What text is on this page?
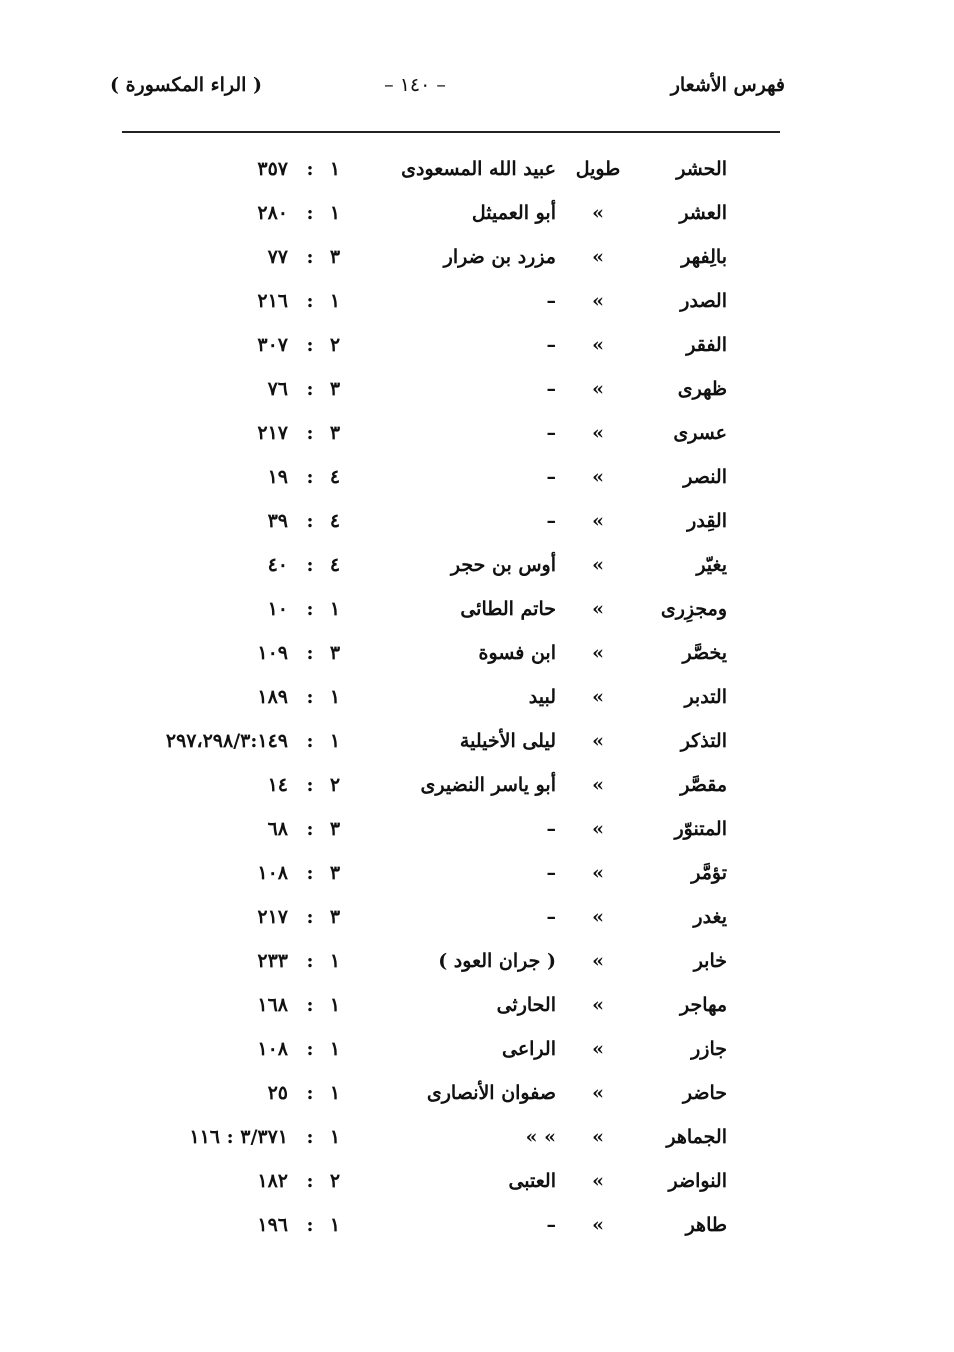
فهرس الأشعار
– ١٤٠ –
( الراء المكسورة )
الحشر
طويل
عبيد الله المسعودى
١
:
٣٥٧
العشر
»
أبو العميثل
١
:
٢٨٠
بالِفهر
»
مزرد بن ضرار
٣
:
٧٧
الصدر
»
–
١
:
٢١٦
الفقر
»
–
٢
:
٣٠٧
ظهرى
»
–
٣
:
٧٦
عسرى
»
–
٣
:
٢١٧
النصر
»
–
٤
:
١٩
القِدر
»
–
٤
:
٣٩
يغيّر
»
أوس بن حجر
٤
:
٤٠
ومجزِرى
»
حاتم الطائى
١
:
١٠
يخصَّر
»
ابن فسوة
٣
:
١٠٩
التدبر
»
لبيد
١
:
١٨٩
التذكر
»
ليلى الأخيلية
١
:
٢٩٧،٢٩٨/٣:١٤٩
مقصَّر
»
أبو ياسر النضيرى
٢
:
١٤
المتنوّر
»
–
٣
:
٦٨
تؤمَّر
»
–
٣
:
١٠٨
يغدر
»
–
٣
:
٢١٧
خابر
»
( جران العود )
١
:
٢٣٣
مهاجر
»
الحارثى
١
:
١٦٨
جازر
»
الراعى
١
:
١٠٨
حاضر
»
صفوان الأنصارى
١
:
٢٥
الجماهر
»
» »
١
:
٣/٣٧١ : ١١٦
النواضر
»
العتبى
٢
:
١٨٢
طاهر
»
–
١
:
١٩٦
